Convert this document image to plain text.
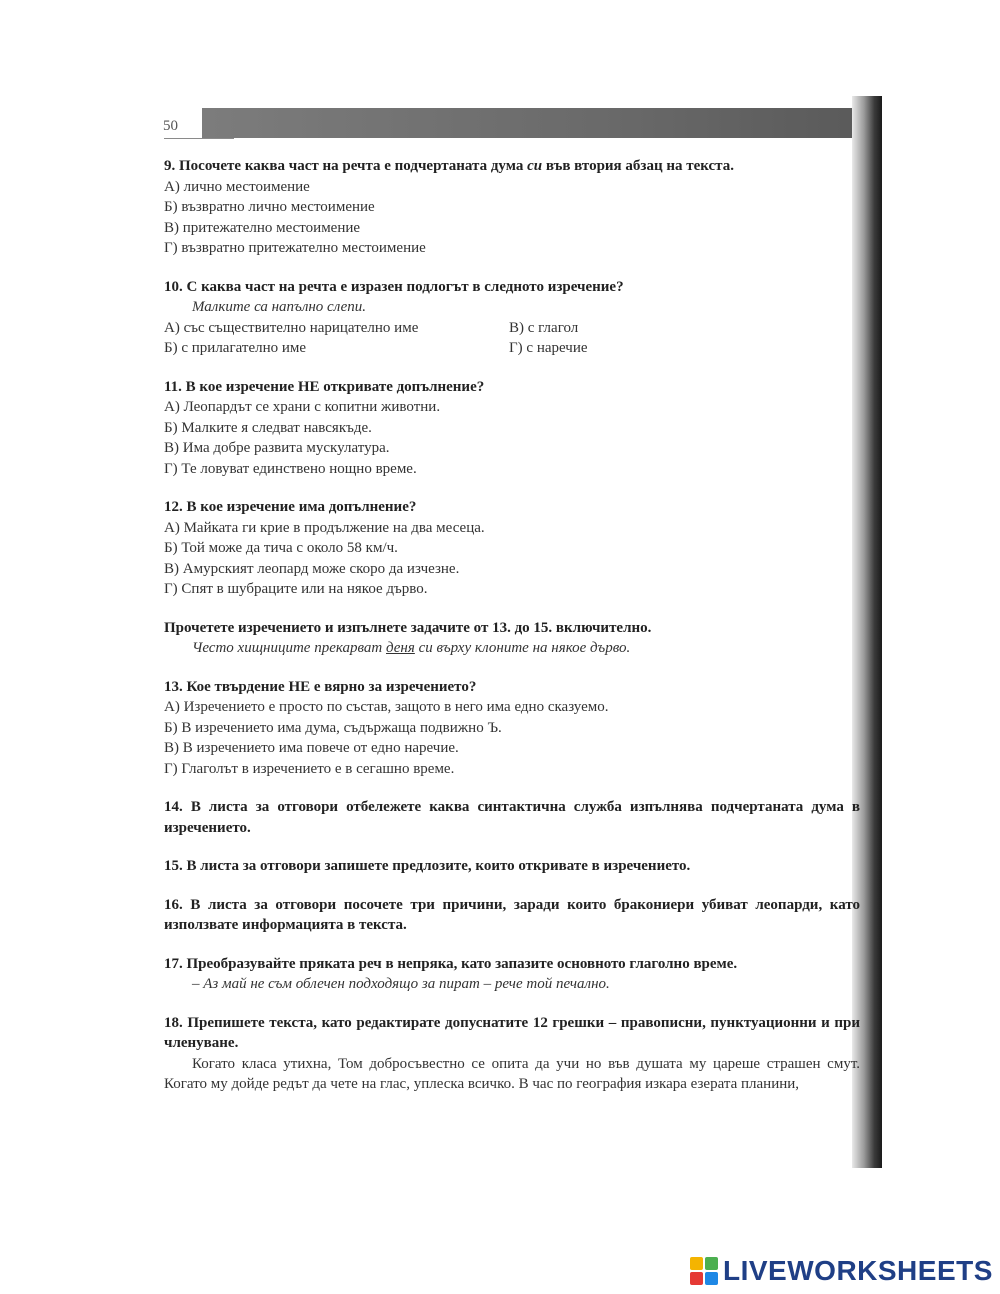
50
9. Посочете каква част на речта е подчертаната дума си във втория абзац на текста.
А) лично местоимение
Б) възвратно лично местоимение
В) притежателно местоимение
Г) възвратно притежателно местоимение
10. С каква част на речта е изразен подлогът в следното изречение?
Малките са напълно слепи.
А) със съществително нарицателно име	В) с глагол
Б) с прилагателно име	Г) с наречие
11. В кое изречение НЕ откривате допълнение?
А) Леопардът се храни с копитни животни.
Б) Малките я следват навсякъде.
В) Има добре развита мускулатура.
Г) Те ловуват единствено нощно време.
12. В кое изречение има допълнение?
А) Майката ги крие в продължение на два месеца.
Б) Той може да тича с около 58 км/ч.
В) Амурският леопард може скоро да изчезне.
Г) Спят в шубраците или на някое дърво.
Прочетете изречението и изпълнете задачите от 13. до 15. включително.
Често хищниците прекарват деня си върху клоните на някое дърво.
13. Кое твърдение НЕ е вярно за изречението?
А) Изречението е просто по състав, защото в него има едно сказуемо.
Б) В изречението има дума, съдържаща подвижно Ъ.
В) В изречението има повече от едно наречие.
Г) Глаголът в изречението е в сегашно време.
14. В листа за отговори отбележете каква синтактична служба изпълнява подчертаната дума в изречението.
15. В листа за отговори запишете предлозите, които откривате в изречението.
16. В листа за отговори посочете три причини, заради които бракониери убиват леопарди, като използвате информацията в текста.
17. Преобразувайте пряката реч в непряка, като запазите основното глаголно време.
– Аз май не съм облечен подходящо за пират – рече той печално.
18. Препишете текста, като редактирате допуснатите 12 грешки – правописни, пунктуационни и при членуване.
Когато класа утихна, Том добросъвестно се опита да учи но във душата му цареше страшен смут. Когато му дойде редът да чете на глас, уплеска всичко. В час по география изкара езерата планини,
LIVEWORKSHEETS
